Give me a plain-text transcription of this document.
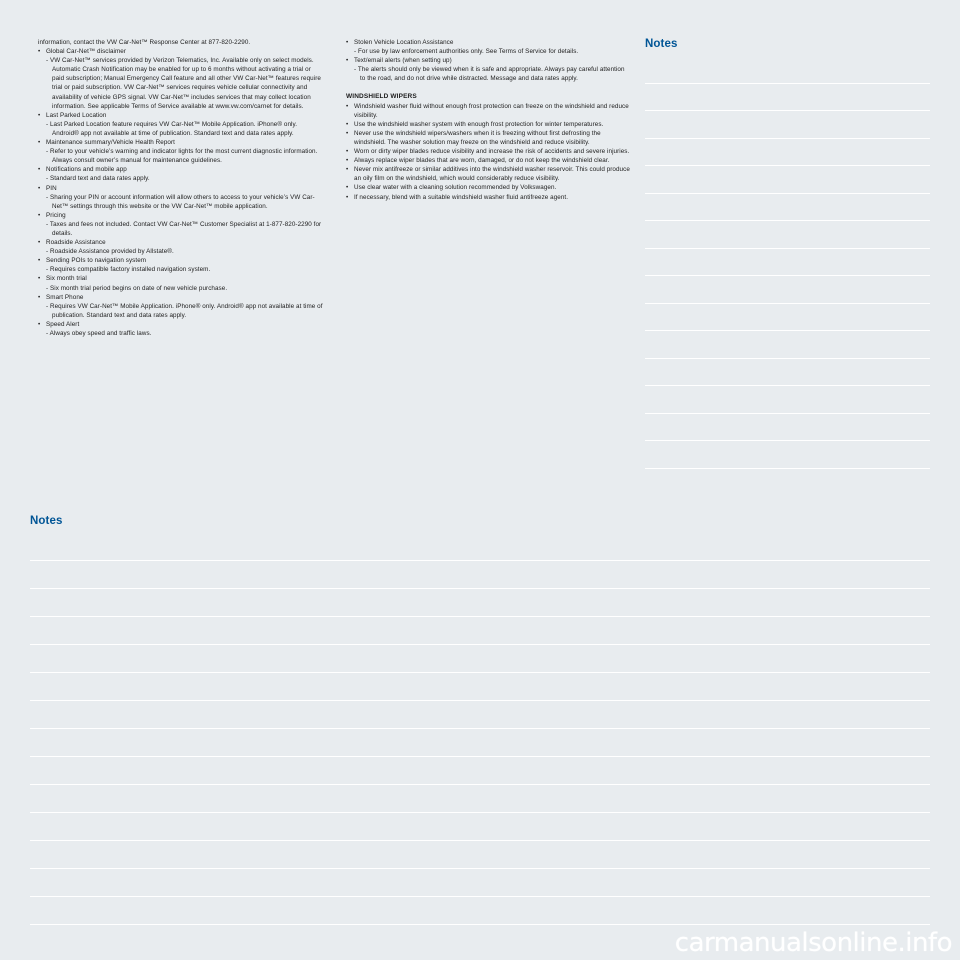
information, contact the VW Car-Net™ Response Center at 877-820-2290.

• Global Car-Net™ disclaimer

- VW Car-Net™ services provided by Verizon Telematics, Inc. Available only on select models. Automatic Crash Notification may be enabled for up to 6 months without activating a trial or paid subscription; Manual Emergency Call feature and all other VW Car-Net™ features require trial or paid subscription. VW Car-Net™ services requires vehicle cellular connectivity and availability of vehicle GPS signal. VW Car-Net™ includes services that may collect location information. See applicable Terms of Service available at www.vw.com/carnet for details.

• Last Parked Location

- Last Parked Location feature requires VW Car-Net™ Mobile Application. iPhone® only. Android® app not available at time of publication. Standard text and data rates apply.

• Maintenance summary/Vehicle Health Report

- Refer to your vehicle’s warning and indicator lights for the most current diagnostic information. Always consult owner’s manual for maintenance guidelines.

• Notifications and mobile app

- Standard text and data rates apply.

• PIN

- Sharing your PIN or account information will allow others to access to your vehicle’s VW Car-Net™ settings through this website or the VW Car-Net™ mobile application.

• Pricing

- Taxes and fees not included. Contact VW Car-Net™ Customer Specialist at 1-877-820-2290 for details.

• Roadside Assistance

- Roadside Assistance provided by Allstate®.

• Sending POIs to navigation system

- Requires compatible factory installed navigation system.

• Six month trial

- Six month trial period begins on date of new vehicle purchase.

• Smart Phone

- Requires VW Car-Net™ Mobile Application. iPhone® only. Android® app not available at time of publication. Standard text and data rates apply.

• Speed Alert

- Always obey speed and traffic laws.

• Stolen Vehicle Location Assistance

- For use by law enforcement authorities only. See Terms of Service for details.

• Text/email alerts (when setting up)

- The alerts should only be viewed when it is safe and appropriate. Always pay careful attention to the road, and do not drive while distracted. Message and data rates apply.

WINDSHIELD WIPERS

• Windshield washer fluid without enough frost protection can freeze on the windshield and reduce visibility.

• Use the windshield washer system with enough frost protection for winter temperatures.

• Never use the windshield wipers/washers when it is freezing without first defrosting the windshield. The washer solution may freeze on the windshield and reduce visibility.

• Worn or dirty wiper blades reduce visibility and increase the risk of accidents and severe injuries.

• Always replace wiper blades that are worn, damaged, or do not keep the windshield clear.

• Never mix antifreeze or similar additives into the windshield washer reservoir. This could produce an oily film on the windshield, which would considerably reduce visibility.

• Use clear water with a cleaning solution recommended by Volkswagen.

• If necessary, blend with a suitable windshield washer fluid antifreeze agent.

Notes
Notes
carmanualsonline.info
